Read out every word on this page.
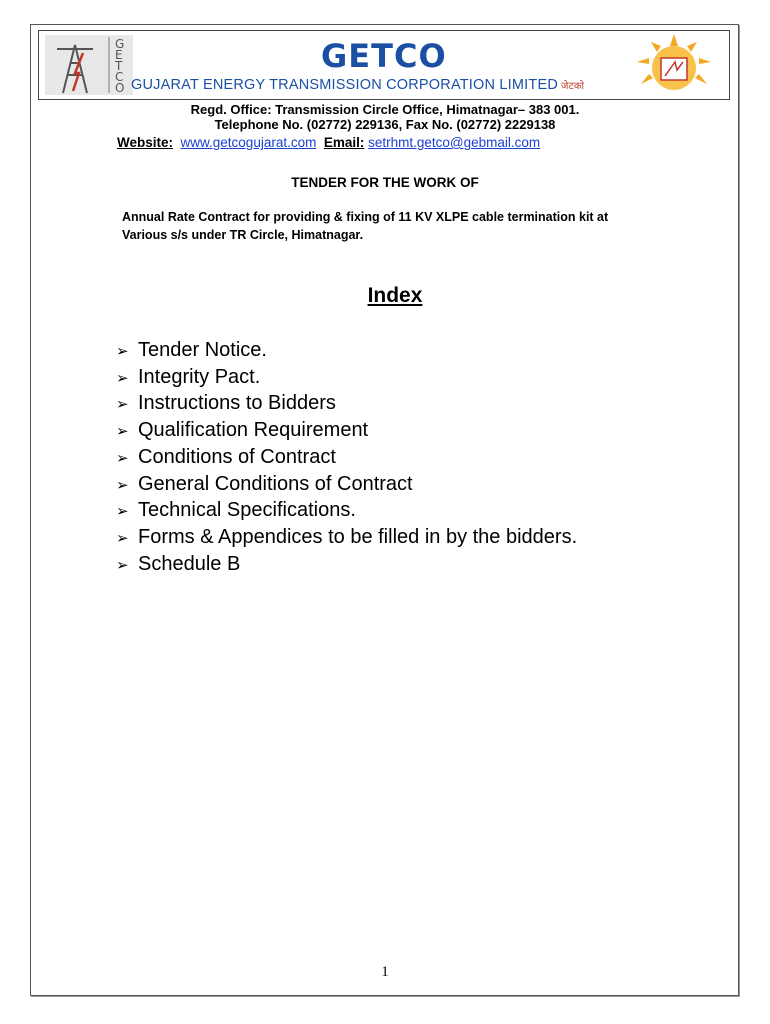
G
E
T
C
O
GETCO
GUJARAT ENERGY TRANSMISSION CORPORATION LIMITED जेटको
Regd. Office: Transmission Circle Office, Himatnagar– 383 001.
Telephone No. (02772) 229136, Fax No. (02772) 2229138
Website: www.getcogujarat.com Email: setrhmt.getco@gebmail.com
TENDER FOR THE WORK OF
Annual Rate Contract for providing & fixing of 11 KV XLPE cable termination kit at
Various s/s under TR Circle, Himatnagar.
Index
➢ Tender Notice.
➢ Integrity Pact.
➢ Instructions to Bidders
➢ Qualification Requirement
➢ Conditions of Contract
➢ General Conditions of Contract
➢ Technical Specifications.
➢ Forms & Appendices to be filled in by the bidders.
➢ Schedule B
1
